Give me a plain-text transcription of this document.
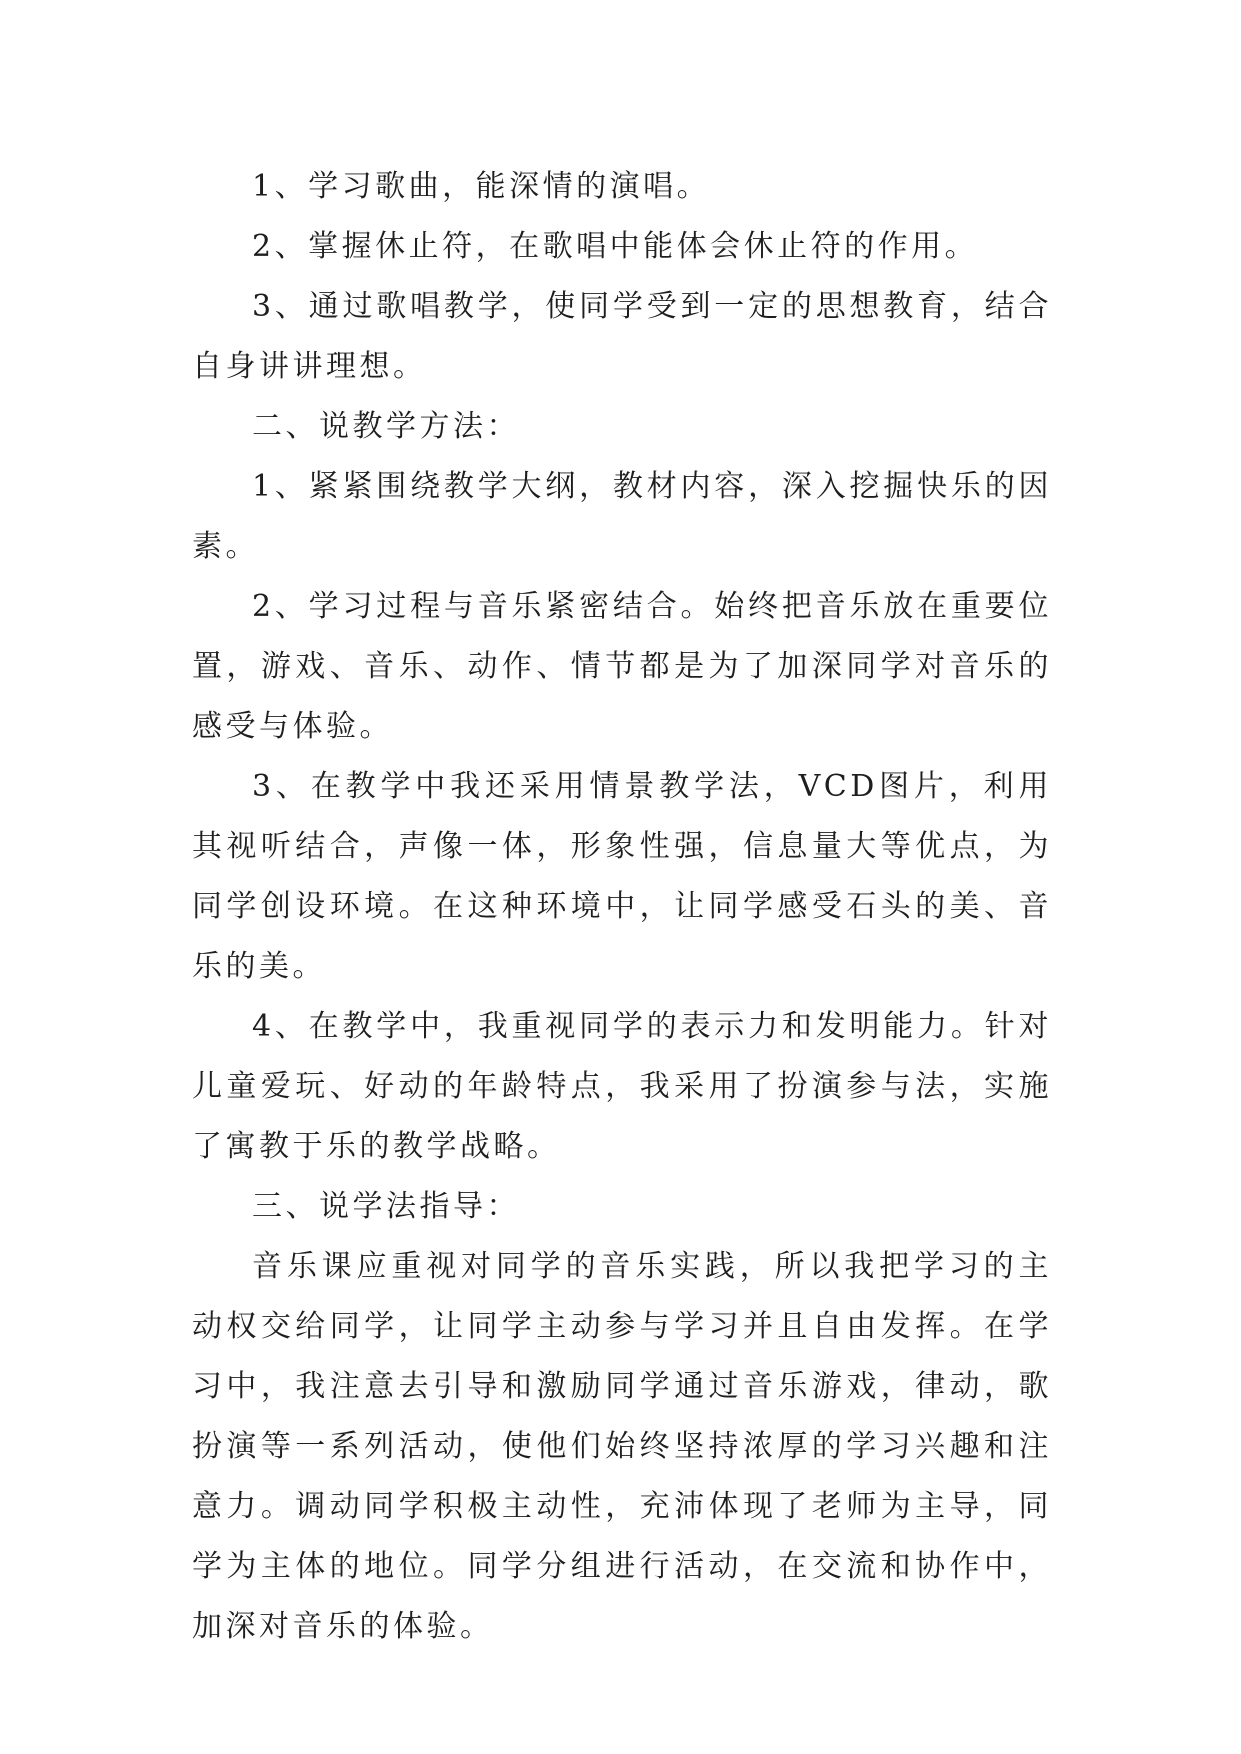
1、学习歌曲，能深情的演唱。

2、掌握休止符，在歌唱中能体会休止符的作用。

3、通过歌唱教学，使同学受到一定的思想教育，结合自身讲讲理想。

二、说教学方法：

1、紧紧围绕教学大纲，教材内容，深入挖掘快乐的因素。

2、学习过程与音乐紧密结合。始终把音乐放在重要位置，游戏、音乐、动作、情节都是为了加深同学对音乐的感受与体验。

3、在教学中我还采用情景教学法，VCD图片，利用其视听结合，声像一体，形象性强，信息量大等优点，为同学创设环境。在这种环境中，让同学感受石头的美、音乐的美。

4、在教学中，我重视同学的表示力和发明能力。针对儿童爱玩、好动的年龄特点，我采用了扮演参与法，实施了寓教于乐的教学战略。

三、说学法指导：

音乐课应重视对同学的音乐实践，所以我把学习的主动权交给同学，让同学主动参与学习并且自由发挥。在学习中，我注意去引导和激励同学通过音乐游戏，律动，歌扮演等一系列活动，使他们始终坚持浓厚的学习兴趣和注意力。调动同学积极主动性，充沛体现了老师为主导，同学为主体的地位。同学分组进行活动，在交流和协作中，加深对音乐的体验。
